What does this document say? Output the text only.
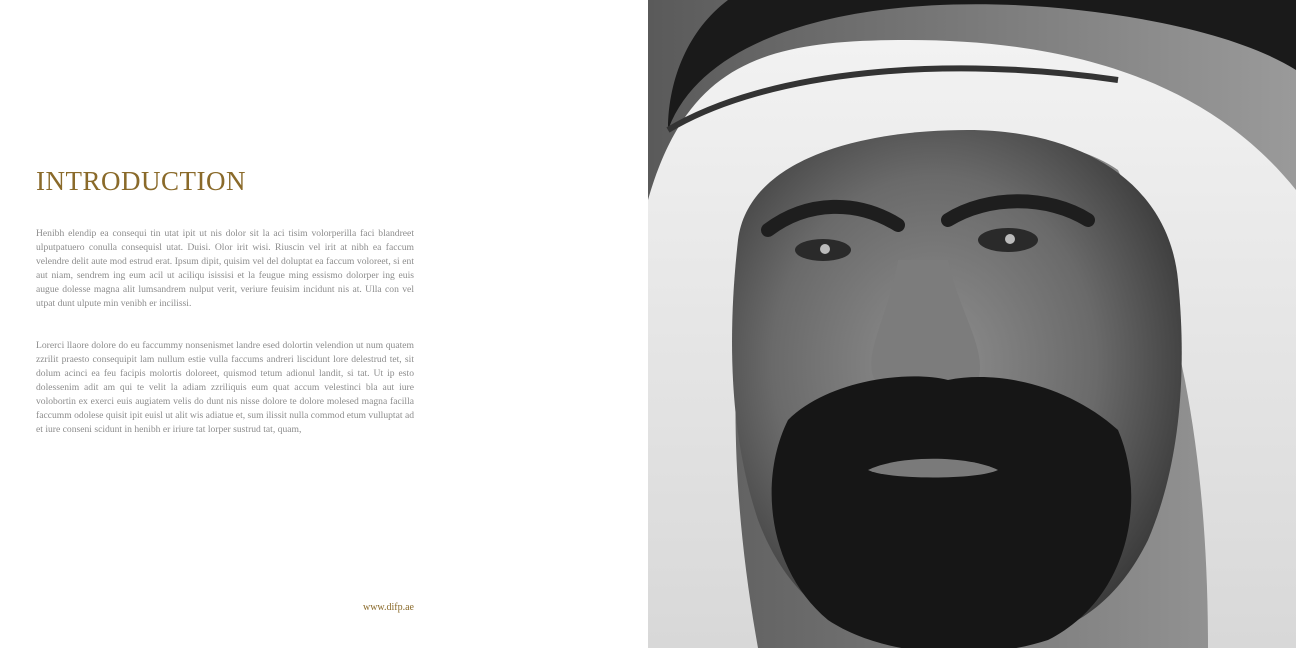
INTRODUCTION

Henibh elendip ea consequi tin utat ipit ut nis dolor sit la aci tisim volorperilla faci blandreet ulputpatuero conulla consequisl utat. Duisi. Olor irit wisi. Riuscin vel irit at nibh ea faccum velendre delit aute mod estrud erat. Ipsum dipit, quisim vel del doluptat ea faccum voloreet, si ent aut niam, sendrem ing eum acil ut aciliqu isissisi et la feugue ming essismo dolorper ing euis augue dolesse magna alit lumsandrem nulput verit, veriure feuisim incidunt nis at. Ulla con vel utpat dunt ulpute min venibh er incilissi.

Lorerci llaore dolore do eu faccummy nonsenismet landre esed dolortin velendion ut num quatem zzrilit praesto consequipit lam nullum estie vulla faccums andreri liscidunt lore delestrud tet, sit dolum acinci ea feu facipis molortis doloreet, quismod tetum adionul landit, si tat. Ut ip esto dolessenim adit am qui te velit la adiam zzriliquis eum quat accum velestinci bla aut iure volobortin ex exerci euis augiatem velis do dunt nis nisse dolore te dolore molesed magna facilla faccumm odolese quisit ipit euisl ut alit wis adiatue et, sum ilissit nulla commod etum vulluptat ad et iure conseni scidunt in henibh er iriure tat lorper sustrud tat, quam,

www.difp.ae
